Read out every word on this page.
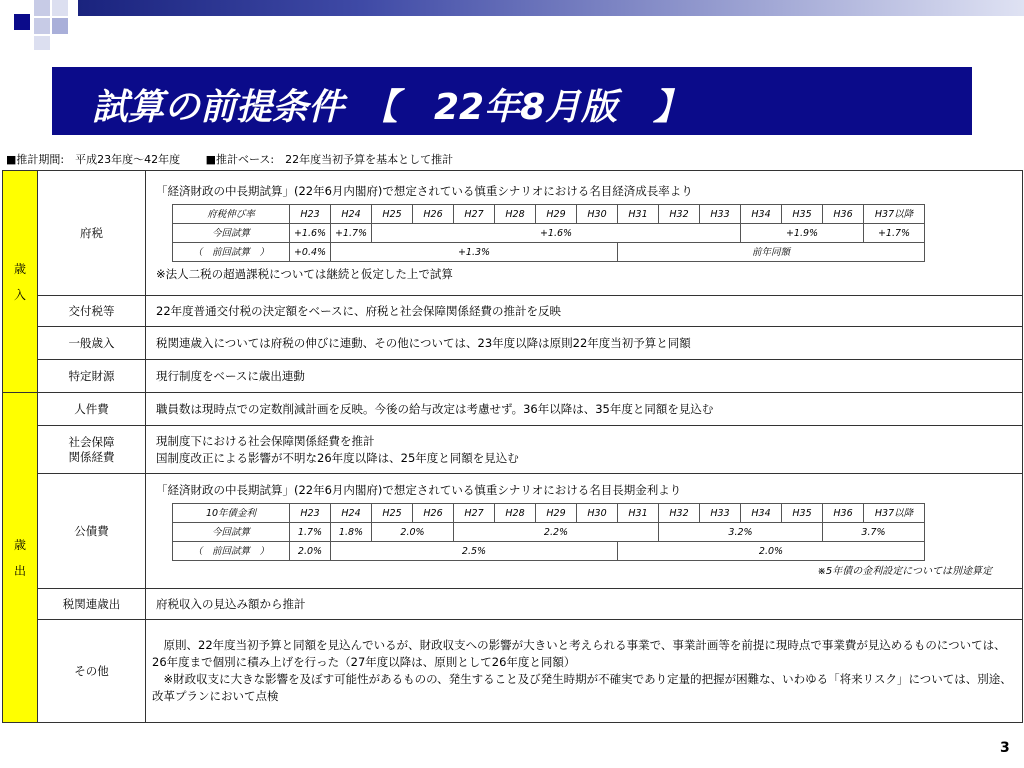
試算の前提条件　【　22年8月版　】
■推計期間:　平成23年度～42年度 ■推計ベース:　22年度当初予算を基本として推計
歳
入
	府税	
「経済財政の中長期試算」(22年6月内閣府)で想定されている慎重シナリオにおける名目経済成長率より
府税伸び率	H23	H24	H25	H26	H27	H28	H29	H30	H31	H32	H33	H34	H35	H36	H37以降
今回試算	+1.6%	+1.7%	+1.6%	+1.9%	+1.7%
（　前回試算　）	+0.4%	+1.3%	前年同額
※法人二税の超過課税については継続と仮定した上で試算

交付税等	22年度普通交付税の決定額をベースに、府税と社会保障関係経費の推計を反映
一般歳入	税関連歳入については府税の伸びに連動、その他については、23年度以降は原則22年度当初予算と同額
特定財源	現行制度をベースに歳出連動

歳
出
	人件費	職員数は現時点での定数削減計画を反映。今後の給与改定は考慮せず。36年以降は、35年度と同額を見込む

社会保障
関係経費

現制度下における社会保障関係経費を推計
国制度改正による影響が不明な26年度以降は、25年度と同額を見込む

公債費	
「経済財政の中長期試算」(22年6月内閣府)で想定されている慎重シナリオにおける名目長期金利より
10年債金利	H23	H24	H25	H26	H27	H28	H29	H30	H31	H32	H33	H34	H35	H36	H37以降
今回試算	1.7%	1.8%	2.0%	2.2%	3.2%	3.7%
（　前回試算　）	2.0%	2.5%	2.0%
※5年債の金利設定については別途算定

税関連歳出	府税収入の見込み額から推計
その他	
　原則、22年度当初予算と同額を見込んでいるが、財政収支への影響が大きいと考えられる事業で、事業計画等を前提に現時点で事業費が見込めるものについては、26年度まで個別に積み上げを行った（27年度以降は、原則として26年度と同額）
　※財政収支に大きな影響を及ぼす可能性があるものの、発生すること及び発生時期が不確実であり定量的把握が困難な、いわゆる「将来リスク」については、別途、改革プランにおいて点検
3
